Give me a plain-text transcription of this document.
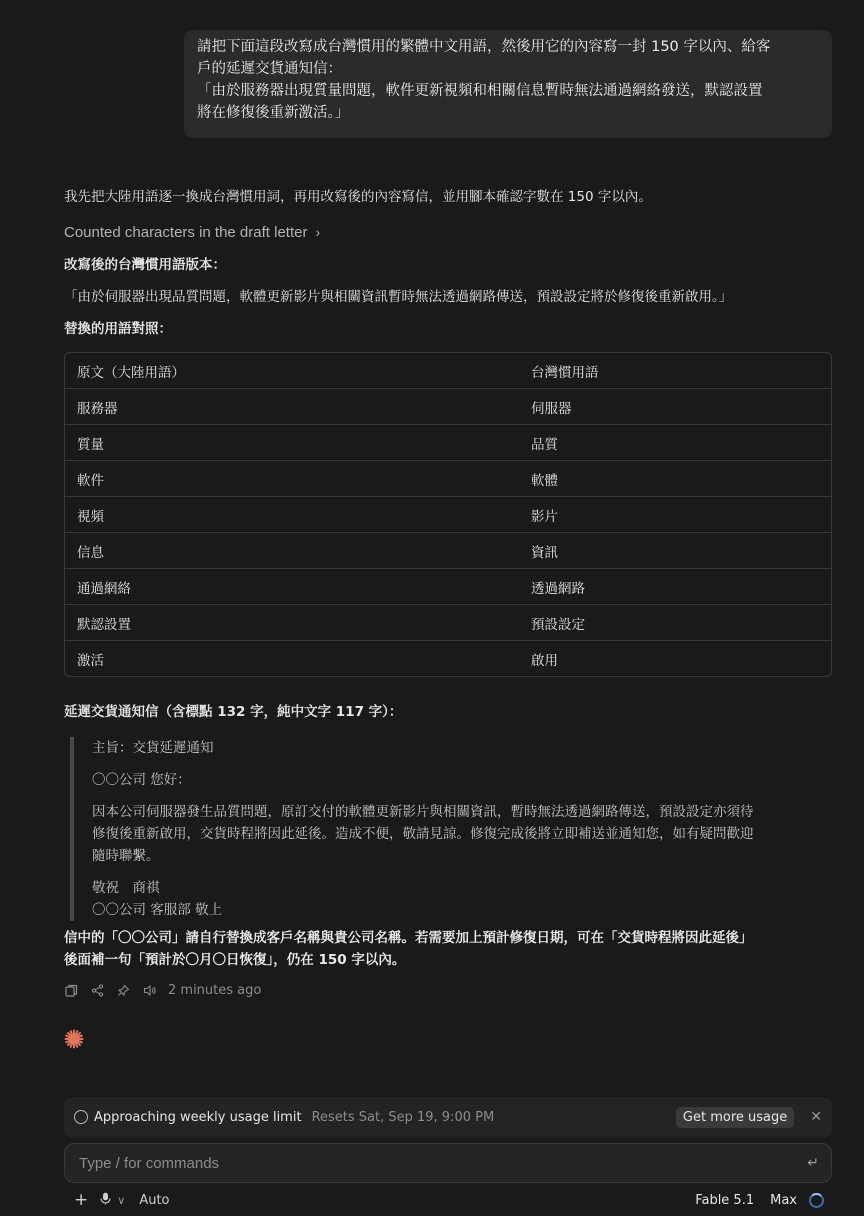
請把下面這段改寫成台灣慣用的繁體中文用語，然後用它的內容寫一封 150 字以內、給客

戶的延遲交貨通知信：

「由於服務器出現質量問題，軟件更新視頻和相關信息暫時無法通過網絡發送，默認設置

將在修復後重新激活。」

我先把大陸用語逐一換成台灣慣用詞，再用改寫後的內容寫信，並用腳本確認字數在 150 字以內。

Counted characters in the draft letter ›

改寫後的台灣慣用語版本：

「由於伺服器出現品質問題，軟體更新影片與相關資訊暫時無法透過網路傳送，預設設定將於修復後重新啟用。」

替換的用語對照：

原文（大陸用語）	台灣慣用語
服務器	伺服器
質量	品質
軟件	軟體
視頻	影片
信息	資訊
通過網絡	透過網路
默認設置	預設設定
激活	啟用

延遲交貨通知信（含標點 132 字，純中文字 117 字）：

主旨：交貨延遲通知

〇〇公司 您好：

因本公司伺服器發生品質問題，原訂交付的軟體更新影片與相關資訊，暫時無法透過網路傳送，預設設定亦須待

修復後重新啟用，交貨時程將因此延後。造成不便，敬請見諒。修復完成後將立即補送並通知您，如有疑問歡迎

隨時聯繫。

敬祝　商祺

〇〇公司 客服部 敬上

信中的「〇〇公司」請自行替換成客戶名稱與貴公司名稱。若需要加上預計修復日期，可在「交貨時程將因此延後」
後面補一句「預計於〇月〇日恢復」，仍在 150 字以內。
2 minutes ago
Approaching weekly usage limit Resets Sat, Sep 19, 9:00 PM	Get more usage	✕
Type / for commands
↵
+	∨ Auto	Fable 5.1 Max
